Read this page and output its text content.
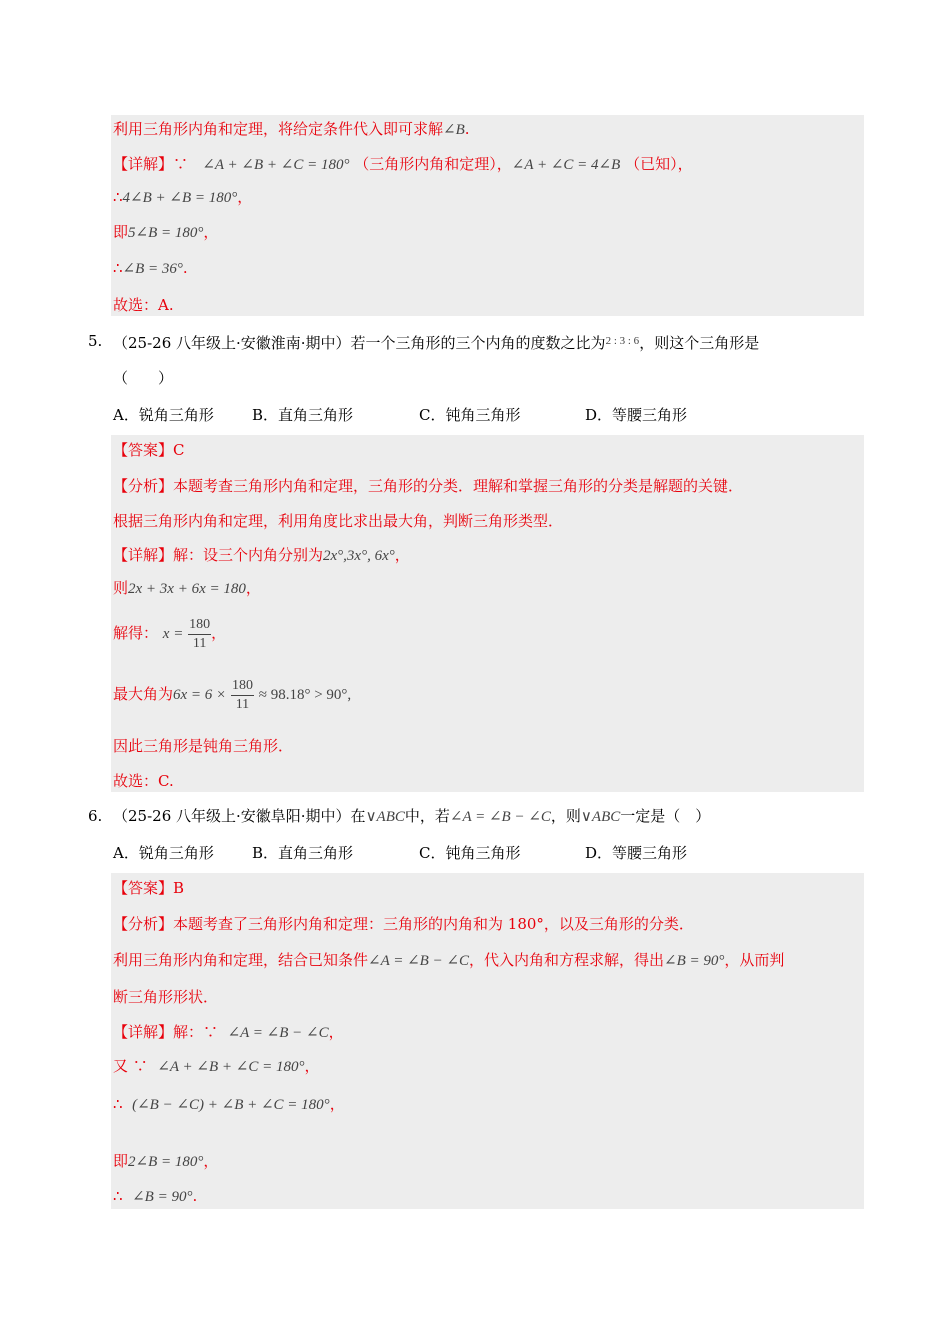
利用三角形内角和定理，将给定条件代入即可求解∠B.
【详解】∵ ∠A + ∠B + ∠C = 180° （三角形内角和定理），∠A + ∠C = 4∠B （已知），
∴4∠B + ∠B = 180°，
即5∠B = 180°，
∴∠B = 36°.
故选：A.
5. （25-26 八年级上·安徽淮南·期中）若一个三角形的三个内角的度数之比为$^{2 : 3 : 6}$，则这个三角形是
（　　）
A．锐角三角形	B．直角三角形	C．钝角三角形	D．等腰三角形
【答案】C
【分析】本题考查三角形内角和定理，三角形的分类．理解和掌握三角形的分类是解题的关键．
根据三角形内角和定理，利用角度比求出最大角，判断三角形类型．
【详解】解：设三个内角分别为2x°,3x°, 6x°，
则2x + 3x + 6x = 180，
解得： $x = \frac{180}{11}$ ，
最大角为$6x = 6 \times \frac{180}{11} \approx 98.18^\circ > 90^\circ$,
因此三角形是钝角三角形．
故选：C.
6. （25-26 八年级上·安徽阜阳·期中）在∨ABC中，若∠A = ∠B − ∠C，则∨ABC一定是（　）
A．锐角三角形	B．直角三角形	C．钝角三角形	D．等腰三角形
【答案】B
【分析】本题考查了三角形内角和定理：三角形的内角和为 180°，以及三角形的分类．
利用三角形内角和定理，结合已知条件∠A = ∠B − ∠C，代入内角和方程求解，得出∠B = 90°，从而判
断三角形形状．
【详解】解：∵ ∠A = ∠B − ∠C，
又 ∵ ∠A + ∠B + ∠C = 180°，
∴ (∠B − ∠C) + ∠B + ∠C = 180°，
即2∠B = 180°，
∴ ∠B = 90°.
